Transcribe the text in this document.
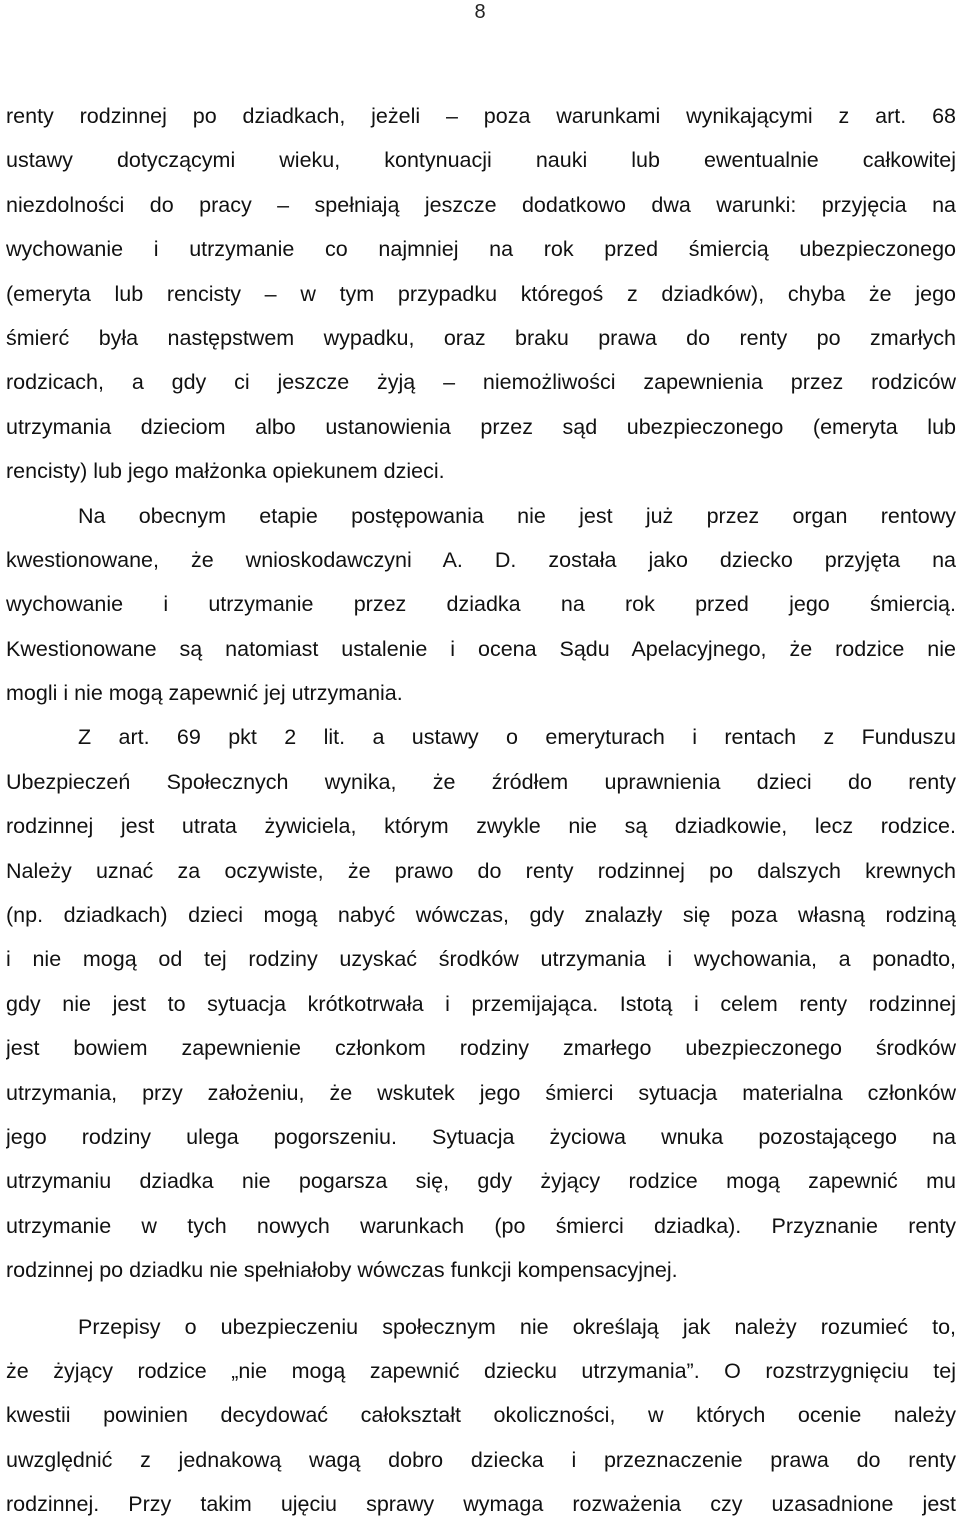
8
renty rodzinnej po dziadkach, jeżeli – poza warunkami wynikającymi z art. 68
ustawy dotyczącymi wieku, kontynuacji nauki lub ewentualnie całkowitej
niezdolności do pracy – spełniają jeszcze dodatkowo dwa warunki: przyjęcia na
wychowanie i utrzymanie co najmniej na rok przed śmiercią ubezpieczonego
(emeryta lub rencisty – w tym przypadku któregoś z dziadków), chyba że jego
śmierć była następstwem wypadku, oraz braku prawa do renty po zmarłych
rodzicach, a gdy ci jeszcze żyją – niemożliwości zapewnienia przez rodziców
utrzymania dzieciom albo ustanowienia przez sąd ubezpieczonego (emeryta lub
rencisty) lub jego małżonka opiekunem dzieci.
Na obecnym etapie postępowania nie jest już przez organ rentowy
kwestionowane, że wnioskodawczyni A. D. została jako dziecko przyjęta na
wychowanie i utrzymanie przez dziadka na rok przed jego śmiercią.
Kwestionowane są natomiast ustalenie i ocena Sądu Apelacyjnego, że rodzice nie
mogli i nie mogą zapewnić jej utrzymania.
Z art. 69 pkt 2 lit. a ustawy o emeryturach i rentach z Funduszu
Ubezpieczeń Społecznych wynika, że źródłem uprawnienia dzieci do renty
rodzinnej jest utrata żywiciela, którym zwykle nie są dziadkowie, lecz rodzice.
Należy uznać za oczywiste, że prawo do renty rodzinnej po dalszych krewnych
(np. dziadkach) dzieci mogą nabyć wówczas, gdy znalazły się poza własną rodziną
i nie mogą od tej rodziny uzyskać środków utrzymania i wychowania, a ponadto,
gdy nie jest to sytuacja krótkotrwała i przemijająca. Istotą i celem renty rodzinnej
jest bowiem zapewnienie członkom rodziny zmarłego ubezpieczonego środków
utrzymania, przy założeniu, że wskutek jego śmierci sytuacja materialna członków
jego rodziny ulega pogorszeniu. Sytuacja życiowa wnuka pozostającego na
utrzymaniu dziadka nie pogarsza się, gdy żyjący rodzice mogą zapewnić mu
utrzymanie w tych nowych warunkach (po śmierci dziadka). Przyznanie renty
rodzinnej po dziadku nie spełniałoby wówczas funkcji kompensacyjnej.
Przepisy o ubezpieczeniu społecznym nie określają jak należy rozumieć to,
że żyjący rodzice „nie mogą zapewnić dziecku utrzymania”. O rozstrzygnięciu tej
kwestii powinien decydować całokształt okoliczności, w których ocenie należy
uwzględnić z jednakową wagą dobro dziecka i przeznaczenie prawa do renty
rodzinnej. Przy takim ujęciu sprawy wymaga rozważenia czy uzasadnione jest
